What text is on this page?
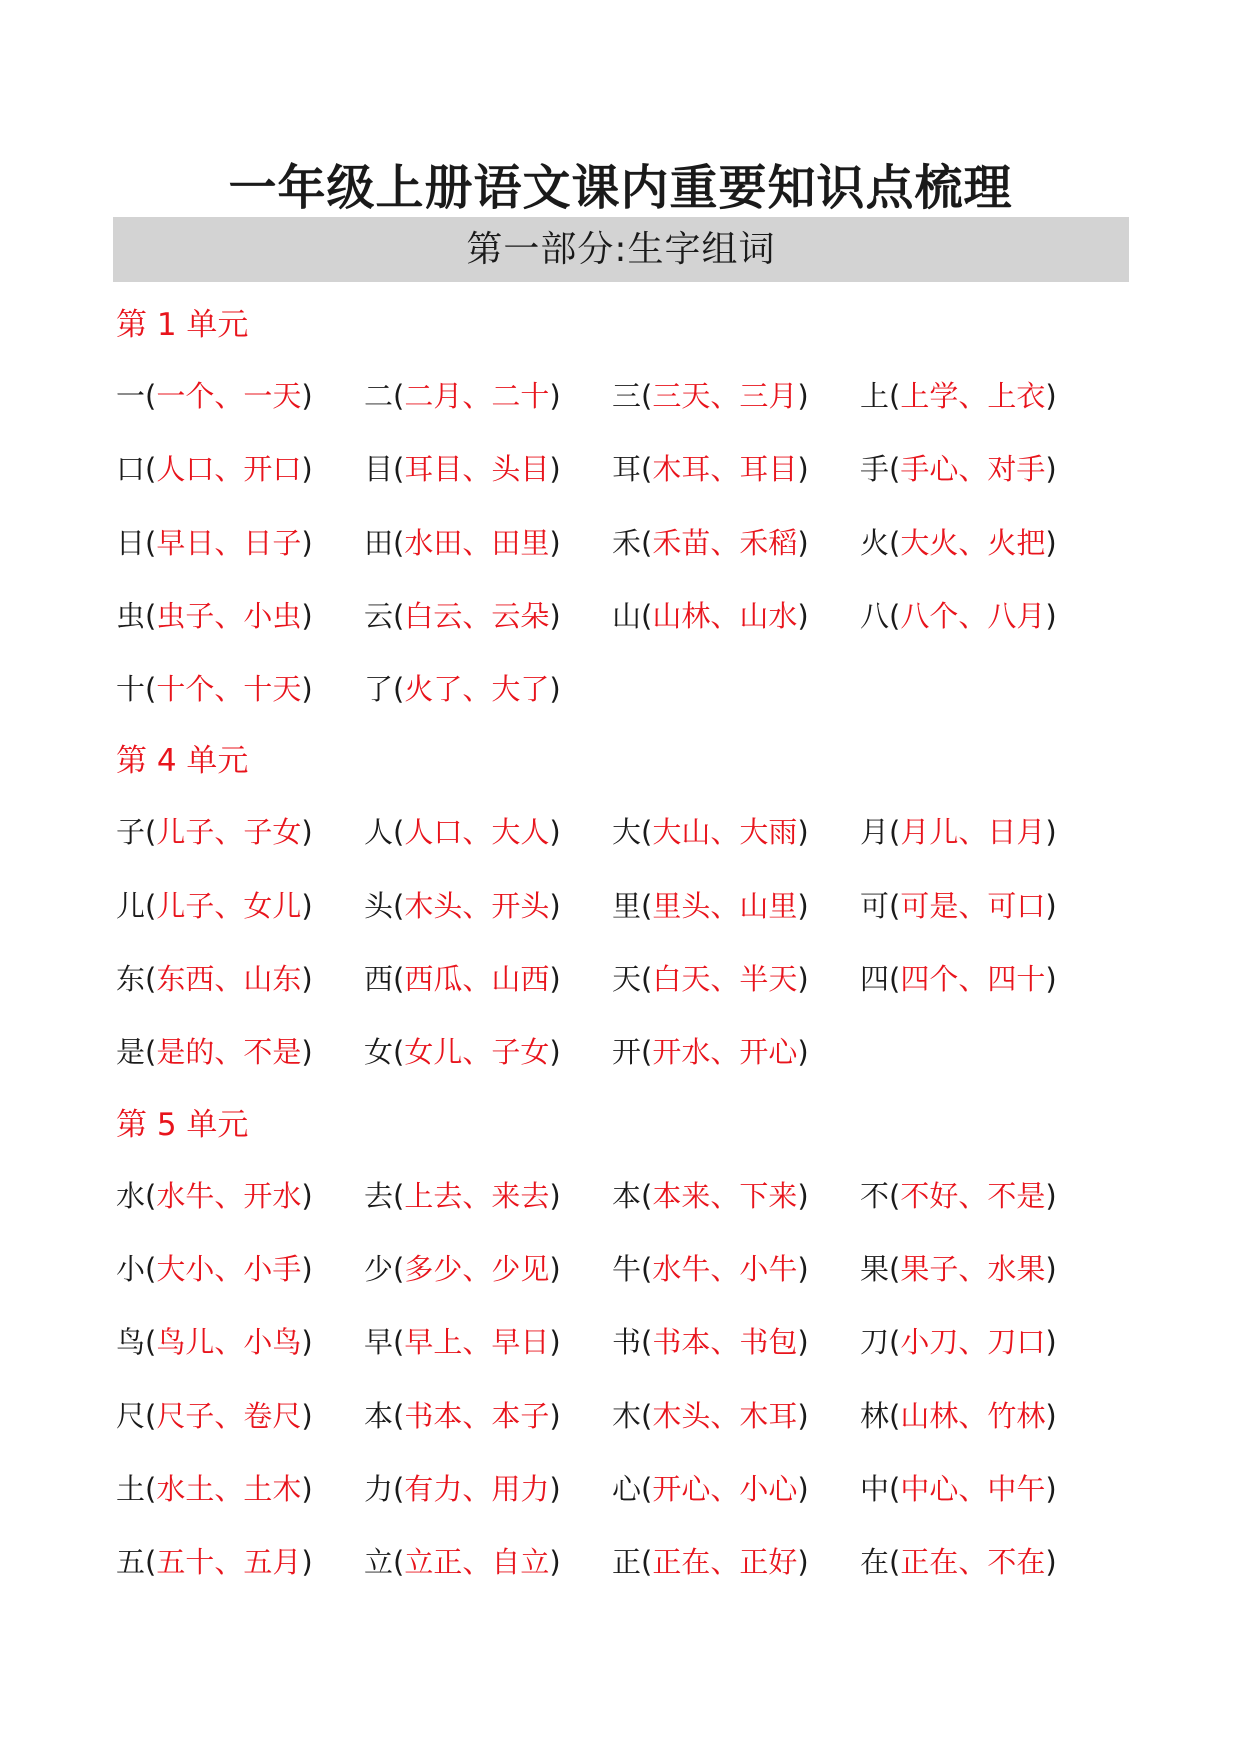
一年级上册语文课内重要知识点梳理
第一部分:生字组词
第 1 单元
一(一个、一天)	二(二月、二十)	三(三天、三月)	上(上学、上衣)
口(人口、开口)	目(耳目、头目)	耳(木耳、耳目)	手(手心、对手)
日(早日、日子)	田(水田、田里)	禾(禾苗、禾稻)	火(大火、火把)
虫(虫子、小虫)	云(白云、云朵)	山(山林、山水)	八(八个、八月)
十(十个、十天)	了(火了、大了)
第 4 单元
子(儿子、子女)	人(人口、大人)	大(大山、大雨)	月(月儿、日月)
儿(儿子、女儿)	头(木头、开头)	里(里头、山里)	可(可是、可口)
东(东西、山东)	西(西瓜、山西)	天(白天、半天)	四(四个、四十)
是(是的、不是)	女(女儿、子女)	开(开水、开心)
第 5 单元
水(水牛、开水)	去(上去、来去)	本(本来、下来)	不(不好、不是)
小(大小、小手)	少(多少、少见)	牛(水牛、小牛)	果(果子、水果)
鸟(鸟儿、小鸟)	早(早上、早日)	书(书本、书包)	刀(小刀、刀口)
尺(尺子、卷尺)	本(书本、本子)	木(木头、木耳)	林(山林、竹林)
土(水土、土木)	力(有力、用力)	心(开心、小心)	中(中心、中午)
五(五十、五月)	立(立正、自立)	正(正在、正好)	在(正在、不在)
